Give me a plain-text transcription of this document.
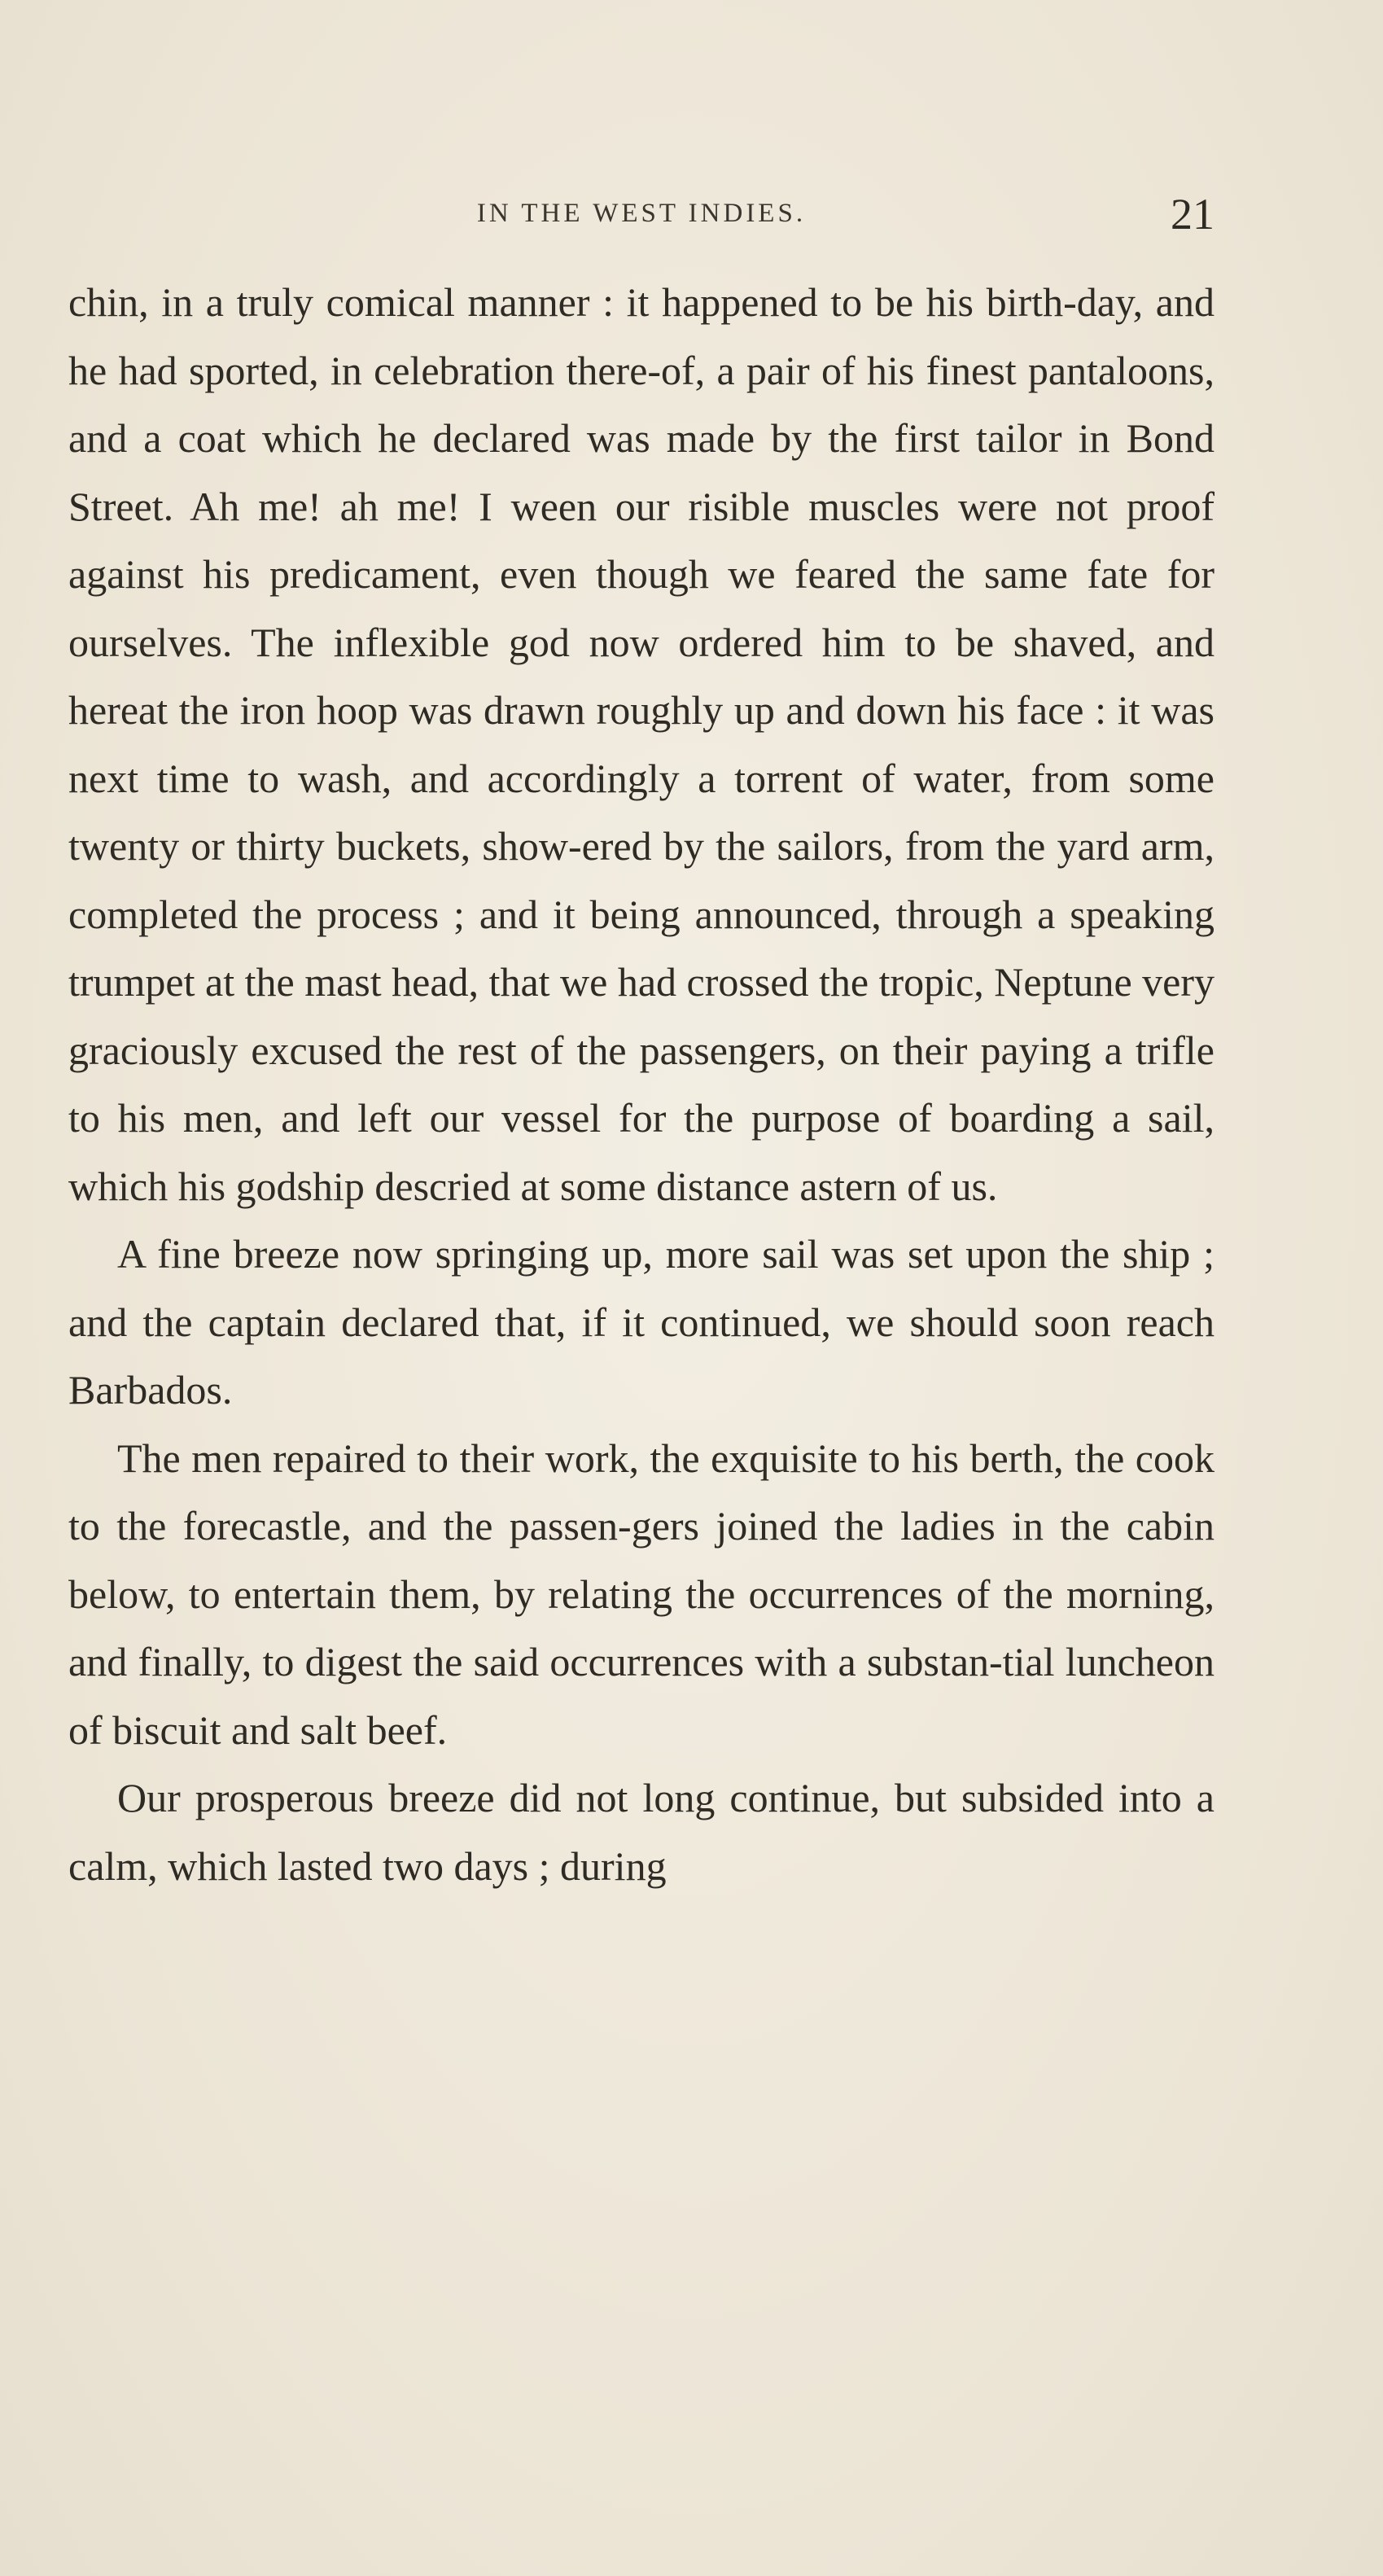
IN THE WEST INDIES.	21

chin, in a truly comical manner : it happened to be his birth-day, and he had sported, in celebration there-of, a pair of his finest pantaloons, and a coat which he declared was made by the first tailor in Bond Street. Ah me! ah me! I ween our risible muscles were not proof against his predicament, even though we feared the same fate for ourselves. The inflexible god now ordered him to be shaved, and hereat the iron hoop was drawn roughly up and down his face : it was next time to wash, and accordingly a torrent of water, from some twenty or thirty buckets, show-ered by the sailors, from the yard arm, completed the process ; and it being announced, through a speaking trumpet at the mast head, that we had crossed the tropic, Neptune very graciously excused the rest of the passengers, on their paying a trifle to his men, and left our vessel for the purpose of boarding a sail, which his godship descried at some distance astern of us.

A fine breeze now springing up, more sail was set upon the ship ; and the captain declared that, if it continued, we should soon reach Barbados.

The men repaired to their work, the exquisite to his berth, the cook to the forecastle, and the passen-gers joined the ladies in the cabin below, to entertain them, by relating the occurrences of the morning, and finally, to digest the said occurrences with a substan-tial luncheon of biscuit and salt beef.

Our prosperous breeze did not long continue, but subsided into a calm, which lasted two days ; during
